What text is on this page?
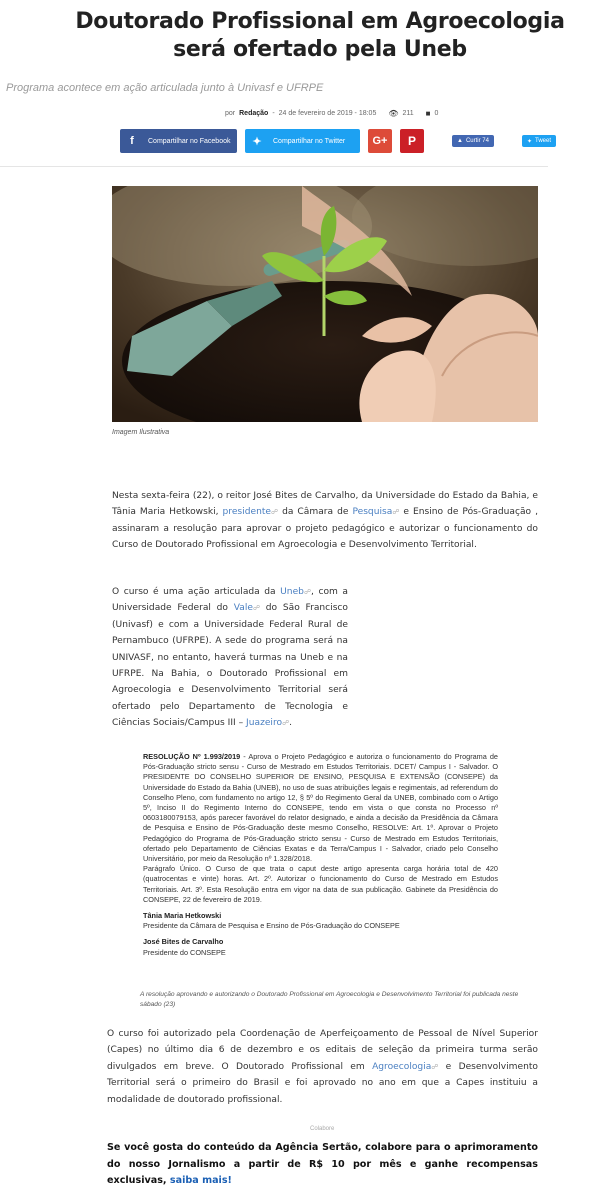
Doutorado Profissional em Agroecologia será ofertado pela Uneb
Programa acontece em ação articulada junto à Univasf e UFRPE
por Redação - 24 de fevereiro de 2019 - 18:05 👁 211 ■ 0
f	Compartilhar no Facebook	✦	Compartilhar no Twitter	G+	P	▲ Curtir 74	✦ Tweet
Imagem Ilustrativa

Nesta sexta-feira (22), o reitor José Bites de Carvalho, da Universidade do Estado da Bahia, e Tânia Maria Hetkowski, presidente☍ da Câmara de Pesquisa☍ e Ensino de Pós-Graduação , assinaram a resolução para aprovar o projeto pedagógico e autorizar o funcionamento do Curso de Doutorado Profissional em Agroecologia e Desenvolvimento Territorial.

O curso é uma ação articulada da Uneb☍, com a Universidade Federal do Vale☍ do São Francisco (Univasf) e com a Universidade Federal Rural de Pernambuco (UFRPE). A sede do programa será na UNIVASF, no entanto, haverá turmas na Uneb e na UFRPE. Na Bahia, o Doutorado Profissional em Agroecologia e Desenvolvimento Territorial será ofertado pelo Departamento de Tecnologia e Ciências Sociais/Campus III – Juazeiro☍.

RESOLUÇÃO Nº 1.993/2019 - Aprova o Projeto Pedagógico e autoriza o funcionamento do Programa de Pós-Graduação stricto sensu - Curso de Mestrado em Estudos Territoriais. DCET/ Campus I - Salvador. O PRESIDENTE DO CONSELHO SUPERIOR DE ENSINO, PESQUISA E EXTENSÃO (CONSEPE) da Universidade do Estado da Bahia (UNEB), no uso de suas atribuições legais e regimentais, ad referendum do Conselho Pleno, com fundamento no artigo 12, § 5º do Regimento Geral da UNEB, combinado com o Artigo 5º, Inciso II do Regimento Interno do CONSEPE, tendo em vista o que consta no Processo nº 0603180079153, após parecer favorável do relator designado, e ainda a decisão da Presidência da Câmara de Pesquisa e Ensino de Pós-Graduação deste mesmo Conselho, RESOLVE: Art. 1º. Aprovar o Projeto Pedagógico do Programa de Pós-Graduação stricto sensu - Curso de Mestrado em Estudos Territoriais, ofertado pelo Departamento de Ciências Exatas e da Terra/Campus I - Salvador, criado pelo Conselho Universitário, por meio da Resolução nº 1.328/2018.
Parágrafo Único. O Curso de que trata o caput deste artigo apresenta carga horária total de 420 (quatrocentas e vinte) horas. Art. 2º. Autorizar o funcionamento do Curso de Mestrado em Estudos Territoriais. Art. 3º. Esta Resolução entra em vigor na data de sua publicação. Gabinete da Presidência do CONSEPE, 22 de fevereiro de 2019.
Tânia Maria Hetkowski
Presidente da Câmara de Pesquisa e Ensino de Pós-Graduação do CONSEPE
José Bites de Carvalho
Presidente do CONSEPE
A resolução aprovando e autorizando o Doutorado Profissional em Agroecologia e Desenvolvimento Territorial foi publicada neste sábado (23)

O curso foi autorizado pela Coordenação de Aperfeiçoamento de Pessoal de Nível Superior (Capes) no último dia 6 de dezembro e os editais de seleção da primeira turma serão divulgados em breve. O Doutorado Profissional em Agroecologia☍ e Desenvolvimento Territorial será o primeiro do Brasil e foi aprovado no ano em que a Capes instituiu a modalidade de doutorado profissional.

Colabore

Se você gosta do conteúdo da Agência Sertão, colabore para o aprimoramento do nosso Jornalismo a partir de R$ 10 por mês e ganhe recompensas exclusivas, saiba mais!
